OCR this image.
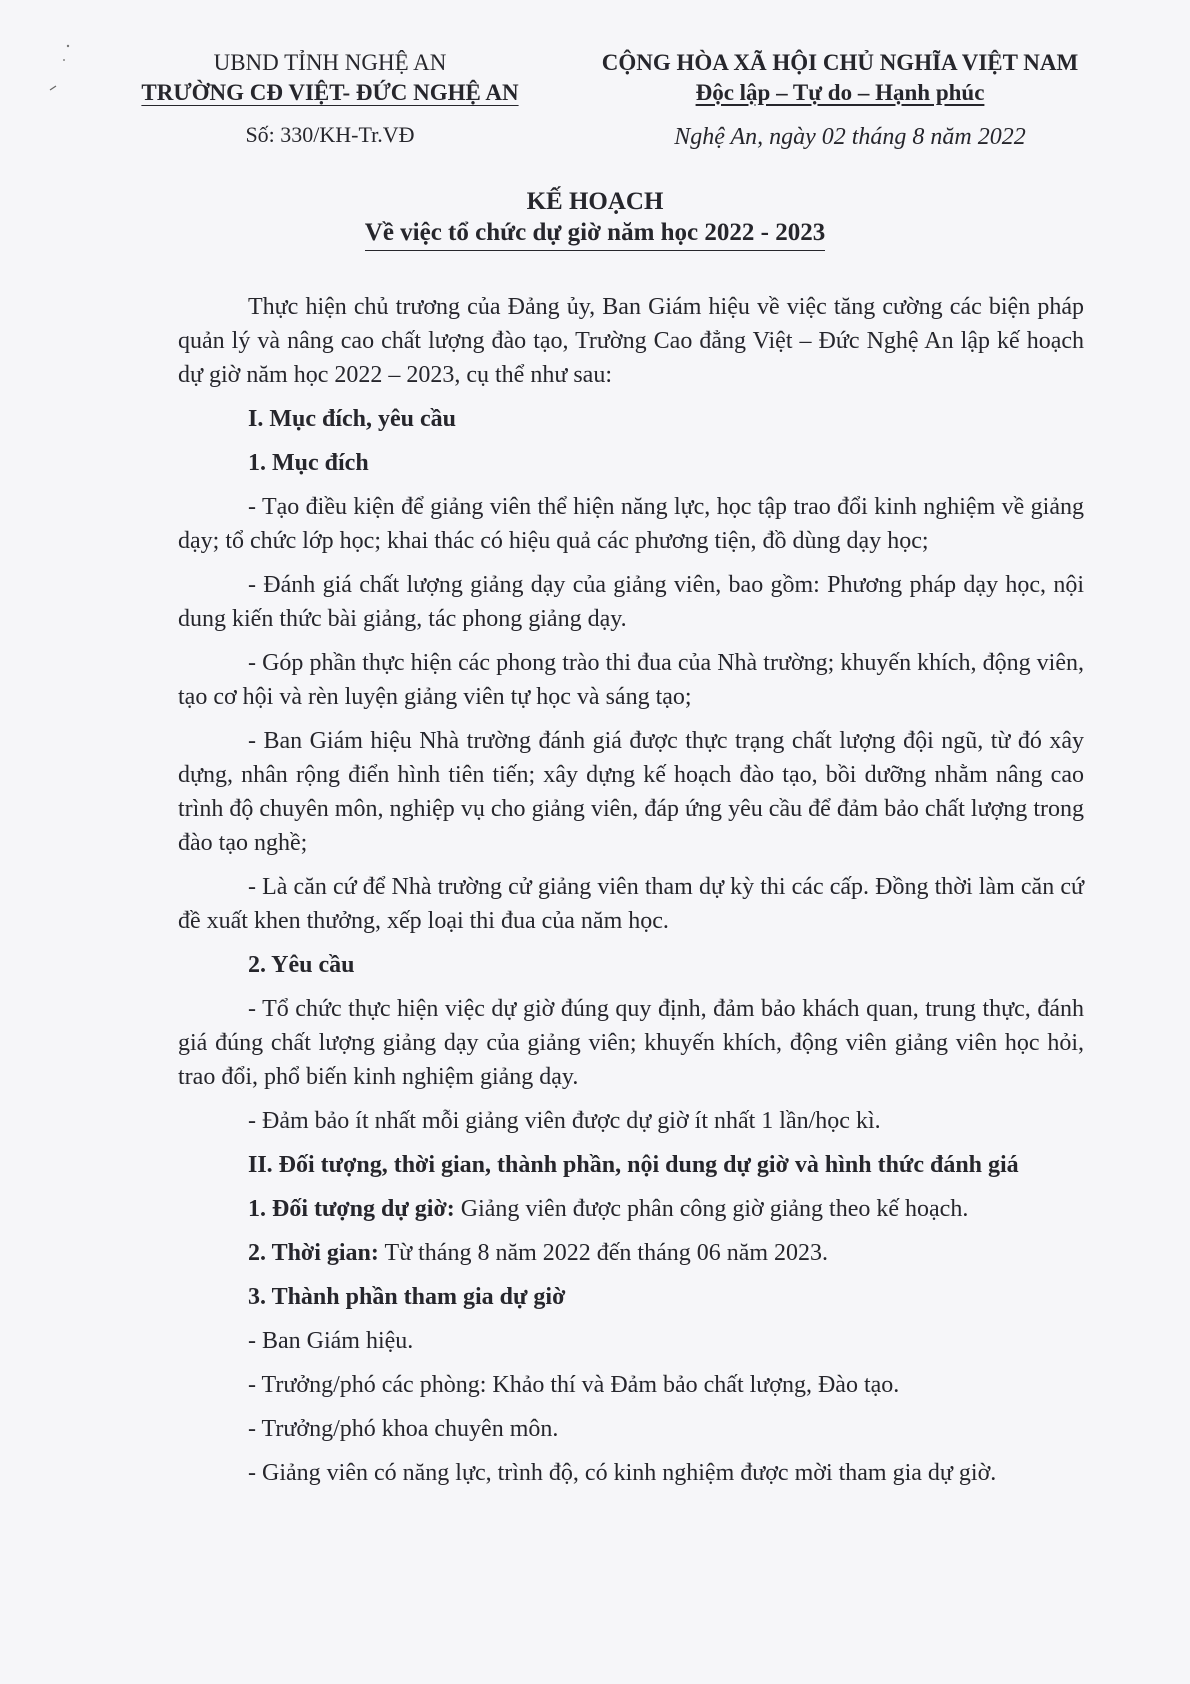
UBND TỈNH NGHỆ AN
TRƯỜNG CĐ VIỆT- ĐỨC NGHỆ AN
Số: 330/KH-Tr.VĐ
CỘNG HÒA XÃ HỘI CHỦ NGHĨA VIỆT NAM
Độc lập – Tự do – Hạnh phúc
Nghệ An, ngày 02 tháng 8 năm 2022
KẾ HOẠCH
Về việc tổ chức dự giờ năm học 2022 - 2023

Thực hiện chủ trương của Đảng ủy, Ban Giám hiệu về việc tăng cường các biện pháp quản lý và nâng cao chất lượng đào tạo, Trường Cao đẳng Việt – Đức Nghệ An lập kế hoạch dự giờ năm học 2022 – 2023, cụ thể như sau:

I. Mục đích, yêu cầu

1. Mục đích

- Tạo điều kiện để giảng viên thể hiện năng lực, học tập trao đổi kinh nghiệm về giảng dạy; tổ chức lớp học; khai thác có hiệu quả các phương tiện, đồ dùng dạy học;

- Đánh giá chất lượng giảng dạy của giảng viên, bao gồm: Phương pháp dạy học, nội dung kiến thức bài giảng, tác phong giảng dạy.

- Góp phần thực hiện các phong trào thi đua của Nhà trường; khuyến khích, động viên, tạo cơ hội và rèn luyện giảng viên tự học và sáng tạo;

- Ban Giám hiệu Nhà trường đánh giá được thực trạng chất lượng đội ngũ, từ đó xây dựng, nhân rộng điển hình tiên tiến; xây dựng kế hoạch đào tạo, bồi dưỡng nhằm nâng cao trình độ chuyên môn, nghiệp vụ cho giảng viên, đáp ứng yêu cầu để đảm bảo chất lượng trong đào tạo nghề;

- Là căn cứ để Nhà trường cử giảng viên tham dự kỳ thi các cấp. Đồng thời làm căn cứ đề xuất khen thưởng, xếp loại thi đua của năm học.

2. Yêu cầu

- Tổ chức thực hiện việc dự giờ đúng quy định, đảm bảo khách quan, trung thực, đánh giá đúng chất lượng giảng dạy của giảng viên; khuyến khích, động viên giảng viên học hỏi, trao đổi, phổ biến kinh nghiệm giảng dạy.

- Đảm bảo ít nhất mỗi giảng viên được dự giờ ít nhất 1 lần/học kì.

II. Đối tượng, thời gian, thành phần, nội dung dự giờ và hình thức đánh giá

1. Đối tượng dự giờ: Giảng viên được phân công giờ giảng theo kế hoạch.

2. Thời gian: Từ tháng 8 năm 2022 đến tháng 06 năm 2023.

3. Thành phần tham gia dự giờ

- Ban Giám hiệu.

- Trưởng/phó các phòng: Khảo thí và Đảm bảo chất lượng, Đào tạo.

- Trưởng/phó khoa chuyên môn.

- Giảng viên có năng lực, trình độ, có kinh nghiệm được mời tham gia dự giờ.
